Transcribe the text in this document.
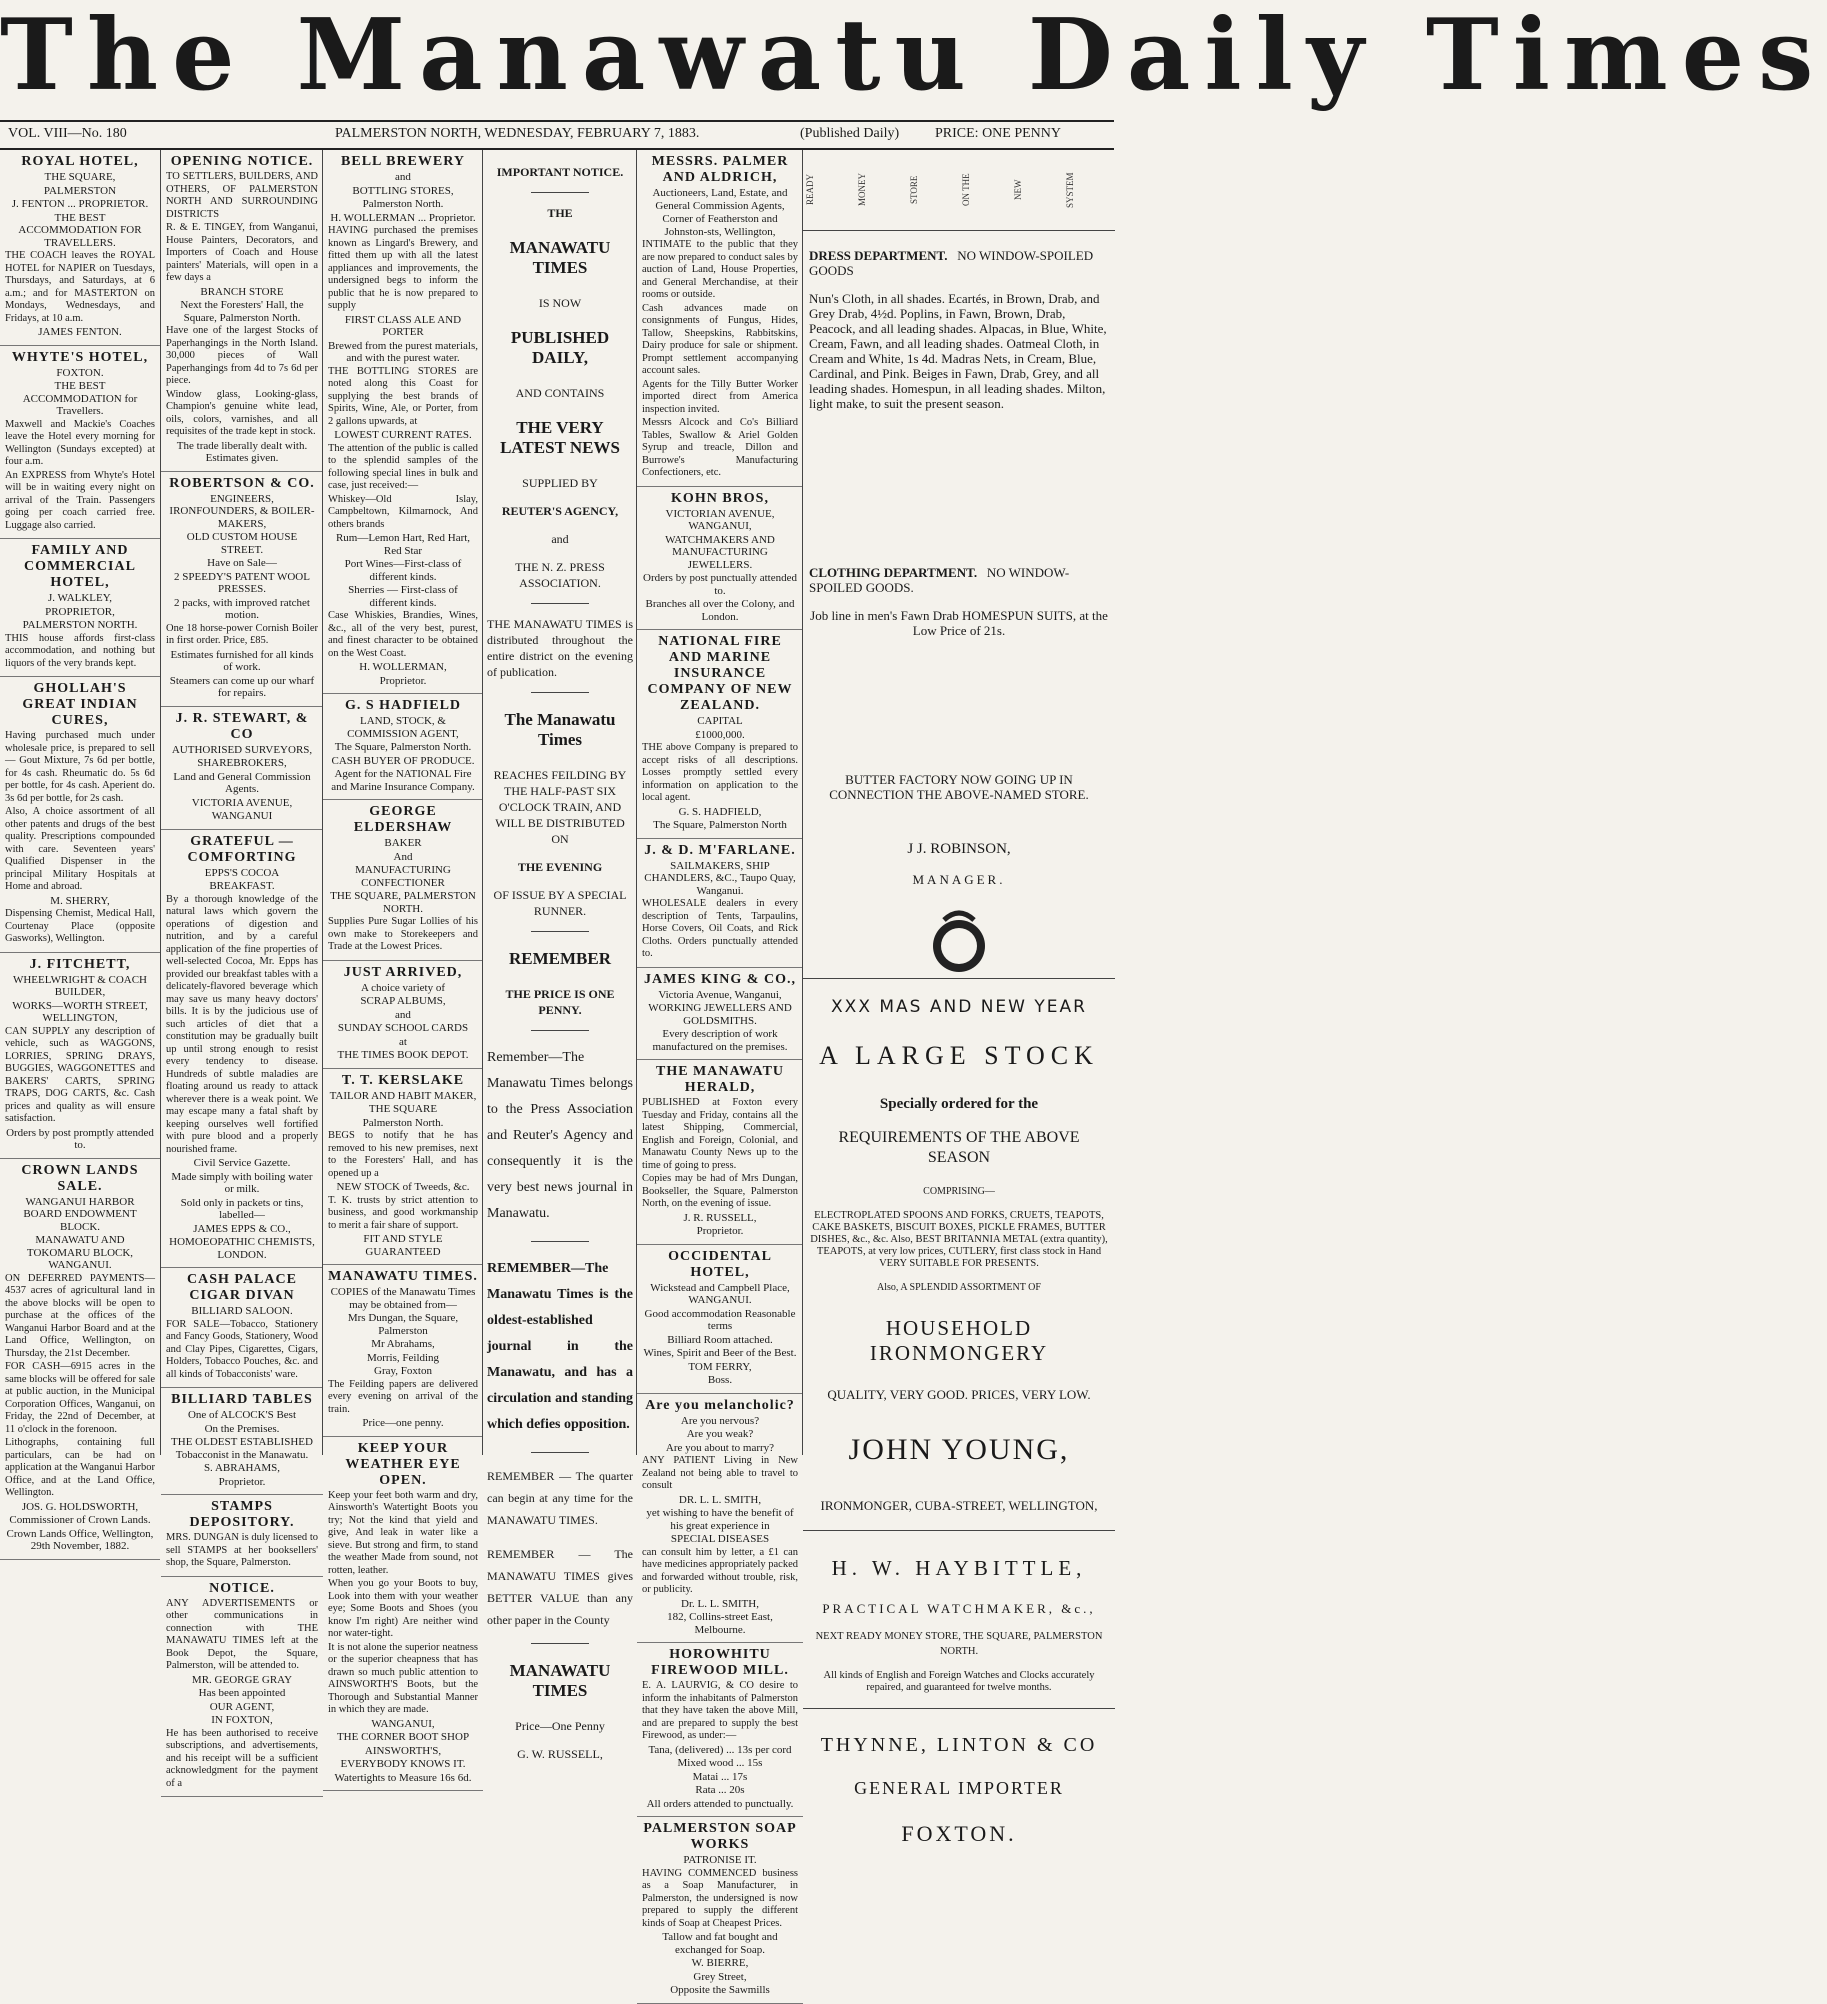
The Manawatu Daily Times
VOL. VIII—No. 180	PALMERSTON NORTH, WEDNESDAY, FEBRUARY 7, 1883.	(Published Daily)	PRICE: ONE PENNY

ROYAL HOTEL,

THE SQUARE,

PALMERSTON

J. FENTON ... PROPRIETOR.

THE BEST ACCOMMODATION FOR TRAVELLERS.

THE COACH leaves the ROYAL HOTEL for NAPIER on Tuesdays, Thursdays, and Saturdays, at 6 a.m.; and for MASTERTON on Mondays, Wednesdays, and Fridays, at 10 a.m.

JAMES FENTON.

WHYTE'S HOTEL,

FOXTON.

THE BEST ACCOMMODATION for Travellers.

Maxwell and Mackie's Coaches leave the Hotel every morning for Wellington (Sundays excepted) at four a.m.

An EXPRESS from Whyte's Hotel will be in waiting every night on arrival of the Train. Passengers going per coach carried free. Luggage also carried.

FAMILY AND COMMERCIAL HOTEL,

J. WALKLEY,

PROPRIETOR,

PALMERSTON NORTH.

THIS house affords first-class accommodation, and nothing but liquors of the very brands kept.

GHOLLAH'S GREAT INDIAN CURES,

Having purchased much under wholesale price, is prepared to sell— Gout Mixture, 7s 6d per bottle, for 4s cash. Rheumatic do. 5s 6d per bottle, for 4s cash. Aperient do. 3s 6d per bottle, for 2s cash.

Also, A choice assortment of all other patents and drugs of the best quality. Prescriptions compounded with care. Seventeen years' Qualified Dispenser in the principal Military Hospitals at Home and abroad.

M. SHERRY,

Dispensing Chemist, Medical Hall, Courtenay Place (opposite Gasworks), Wellington.

J. FITCHETT,

WHEELWRIGHT & COACH BUILDER,

WORKS—WORTH STREET, WELLINGTON,

CAN SUPPLY any description of vehicle, such as WAGGONS, LORRIES, SPRING DRAYS, BUGGIES, WAGGONETTES and BAKERS' CARTS, SPRING TRAPS, DOG CARTS, &c. Cash prices and quality as will ensure satisfaction.

Orders by post promptly attended to.

CROWN LANDS SALE.

WANGANUI HARBOR BOARD ENDOWMENT BLOCK.

MANAWATU AND TOKOMARU BLOCK, WANGANUI.

ON DEFERRED PAYMENTS—4537 acres of agricultural land in the above blocks will be open to purchase at the offices of the Wanganui Harbor Board and at the Land Office, Wellington, on Thursday, the 21st December.

FOR CASH—6915 acres in the same blocks will be offered for sale at public auction, in the Municipal Corporation Offices, Wanganui, on Friday, the 22nd of December, at 11 o'clock in the forenoon.

Lithographs, containing full particulars, can be had on application at the Wanganui Harbor Office, and at the Land Office, Wellington.

JOS. G. HOLDSWORTH,

Commissioner of Crown Lands.

Crown Lands Office, Wellington, 29th November, 1882.

OPENING NOTICE.

TO SETTLERS, BUILDERS, AND OTHERS, OF PALMERSTON NORTH AND SURROUNDING DISTRICTS

R. & E. TINGEY, from Wanganui, House Painters, Decorators, and Importers of Coach and House painters' Materials, will open in a few days a

BRANCH STORE

Next the Foresters' Hall, the Square, Palmerston North.

Have one of the largest Stocks of Paperhangings in the North Island. 30,000 pieces of Wall Paperhangings from 4d to 7s 6d per piece.

Window glass, Looking-glass, Champion's genuine white lead, oils, colors, varnishes, and all requisites of the trade kept in stock.

The trade liberally dealt with. Estimates given.

ROBERTSON & CO.

ENGINEERS, IRONFOUNDERS, & BOILER-MAKERS,

OLD CUSTOM HOUSE STREET.

Have on Sale—

2 SPEEDY'S PATENT WOOL PRESSES.

2 packs, with improved ratchet motion.

One 18 horse-power Cornish Boiler in first order. Price, £85.

Estimates furnished for all kinds of work.

Steamers can come up our wharf for repairs.

J. R. STEWART, & CO

AUTHORISED SURVEYORS,

SHAREBROKERS,

Land and General Commission Agents.

VICTORIA AVENUE,

WANGANUI

GRATEFUL — COMFORTING

EPPS'S COCOA

BREAKFAST.

By a thorough knowledge of the natural laws which govern the operations of digestion and nutrition, and by a careful application of the fine properties of well-selected Cocoa, Mr. Epps has provided our breakfast tables with a delicately-flavored beverage which may save us many heavy doctors' bills. It is by the judicious use of such articles of diet that a constitution may be gradually built up until strong enough to resist every tendency to disease. Hundreds of subtle maladies are floating around us ready to attack wherever there is a weak point. We may escape many a fatal shaft by keeping ourselves well fortified with pure blood and a properly nourished frame.

Civil Service Gazette.

Made simply with boiling water or milk.

Sold only in packets or tins, labelled—

JAMES EPPS & CO.,

HOMOEOPATHIC CHEMISTS, LONDON.

CASH PALACE CIGAR DIVAN

BILLIARD SALOON.

FOR SALE—Tobacco, Stationery and Fancy Goods, Stationery, Wood and Clay Pipes, Cigarettes, Cigars, Holders, Tobacco Pouches, &c. and all kinds of Tobacconists' ware.

BILLIARD TABLES

One of ALCOCK'S Best

On the Premises.

THE OLDEST ESTABLISHED Tobacconist in the Manawatu.

S. ABRAHAMS,

Proprietor.

STAMPS DEPOSITORY.

MRS. DUNGAN is duly licensed to sell STAMPS at her booksellers' shop, the Square, Palmerston.

NOTICE.

ANY ADVERTISEMENTS or other communications in connection with THE MANAWATU TIMES left at the Book Depot, the Square, Palmerston, will be attended to.

MR. GEORGE GRAY

Has been appointed

OUR AGENT,

IN FOXTON,

He has been authorised to receive subscriptions, and advertisements, and his receipt will be a sufficient acknowledgment for the payment of a

BELL BREWERY

and

BOTTLING STORES,

Palmerston North.

H. WOLLERMAN ... Proprietor.

HAVING purchased the premises known as Lingard's Brewery, and fitted them up with all the latest appliances and improvements, the undersigned begs to inform the public that he is now prepared to supply

FIRST CLASS ALE AND PORTER

Brewed from the purest materials, and with the purest water.

THE BOTTLING STORES are noted along this Coast for supplying the best brands of Spirits, Wine, Ale, or Porter, from 2 gallons upwards, at

LOWEST CURRENT RATES.

The attention of the public is called to the splendid samples of the following special lines in bulk and case, just received:—

Whiskey—Old Islay, Campbeltown, Kilmarnock, And others brands

Rum—Lemon Hart, Red Hart, Red Star

Port Wines—First-class of different kinds.

Sherries — First-class of different kinds.

Case Whiskies, Brandies, Wines, &c., all of the very best, purest, and finest character to be obtained on the West Coast.

H. WOLLERMAN,

Proprietor.

G. S HADFIELD

LAND, STOCK, & COMMISSION AGENT,

The Square, Palmerston North.

CASH BUYER OF PRODUCE.

Agent for the NATIONAL Fire and Marine Insurance Company.

GEORGE ELDERSHAW

BAKER

And

MANUFACTURING CONFECTIONER

THE SQUARE, PALMERSTON NORTH.

Supplies Pure Sugar Lollies of his own make to Storekeepers and Trade at the Lowest Prices.

JUST ARRIVED,

A choice variety of

SCRAP ALBUMS,

and

SUNDAY SCHOOL CARDS

at

THE TIMES BOOK DEPOT.

T. T. KERSLAKE

TAILOR AND HABIT MAKER,

THE SQUARE

Palmerston North.

BEGS to notify that he has removed to his new premises, next to the Foresters' Hall, and has opened up a

NEW STOCK of Tweeds, &c.

T. K. trusts by strict attention to business, and good workmanship to merit a fair share of support.

FIT AND STYLE GUARANTEED

MANAWATU TIMES.

COPIES of the Manawatu Times may be obtained from—

Mrs Dungan, the Square, Palmerston

Mr Abrahams,

Morris, Feilding

Gray, Foxton

The Feilding papers are delivered every evening on arrival of the train.

Price—one penny.

KEEP YOUR WEATHER EYE OPEN.

Keep your feet both warm and dry, Ainsworth's Watertight Boots you try; Not the kind that yield and give, And leak in water like a sieve. But strong and firm, to stand the weather Made from sound, not rotten, leather.

When you go your Boots to buy, Look into them with your weather eye; Some Boots and Shoes (you know I'm right) Are neither wind nor water-tight.

It is not alone the superior neatness or the superior cheapness that has drawn so much public attention to AINSWORTH'S Boots, but the Thorough and Substantial Manner in which they are made.

WANGANUI,

THE CORNER BOOT SHOP

AINSWORTH'S,

EVERYBODY KNOWS IT.

Watertights to Measure 16s 6d.

IMPORTANT NOTICE.

THE

MANAWATU TIMES

IS NOW

PUBLISHED DAILY,

AND CONTAINS

THE VERY LATEST NEWS

SUPPLIED BY

REUTER'S AGENCY,

and

THE N. Z. PRESS ASSOCIATION.

THE MANAWATU TIMES is distributed throughout the entire district on the evening of publication.

The Manawatu Times

REACHES FEILDING BY THE HALF-PAST SIX O'CLOCK TRAIN, AND WILL BE DISTRIBUTED ON

THE EVENING

OF ISSUE BY A SPECIAL RUNNER.

REMEMBER

THE PRICE IS ONE PENNY.

Remember—The Manawatu Times belongs to the Press Association and Reuter's Agency and consequently it is the very best news journal in Manawatu.

REMEMBER—The Manawatu Times is the oldest-established journal in the Manawatu, and has a circulation and standing which defies opposition.

REMEMBER — The quarter can begin at any time for the MANAWATU TIMES.

REMEMBER — The MANAWATU TIMES gives BETTER VALUE than any other paper in the County

MANAWATU TIMES

Price—One Penny

G. W. RUSSELL,

MESSRS. PALMER AND ALDRICH,

Auctioneers, Land, Estate, and General Commission Agents,

Corner of Featherston and Johnston-sts, Wellington,

INTIMATE to the public that they are now prepared to conduct sales by auction of Land, House Properties, and General Merchandise, at their rooms or outside.

Cash advances made on consignments of Fungus, Hides, Tallow, Sheepskins, Rabbitskins, Dairy produce for sale or shipment. Prompt settlement accompanying account sales.

Agents for the Tilly Butter Worker imported direct from America inspection invited.

Messrs Alcock and Co's Billiard Tables, Swallow & Ariel Golden Syrup and treacle, Dillon and Burrowe's Manufacturing Confectioners, etc.

KOHN BROS,

VICTORIAN AVENUE, WANGANUI,

WATCHMAKERS AND MANUFACTURING JEWELLERS.

Orders by post punctually attended to.

Branches all over the Colony, and London.

NATIONAL FIRE AND MARINE INSURANCE COMPANY OF NEW ZEALAND.

CAPITAL

£1000,000.

THE above Company is prepared to accept risks of all descriptions. Losses promptly settled every information on application to the local agent.

G. S. HADFIELD,

The Square, Palmerston North

J. & D. M'FARLANE.

SAILMAKERS, SHIP CHANDLERS, &C., Taupo Quay, Wanganui.

WHOLESALE dealers in every description of Tents, Tarpaulins, Horse Covers, Oil Coats, and Rick Cloths. Orders punctually attended to.

JAMES KING & CO.,

Victoria Avenue, Wanganui,

WORKING JEWELLERS AND GOLDSMITHS.

Every description of work manufactured on the premises.

THE MANAWATU HERALD,

PUBLISHED at Foxton every Tuesday and Friday, contains all the latest Shipping, Commercial, English and Foreign, Colonial, and Manawatu County News up to the time of going to press.

Copies may be had of Mrs Dungan, Bookseller, the Square, Palmerston North, on the evening of issue.

J. R. RUSSELL,

Proprietor.

OCCIDENTAL HOTEL,

Wickstead and Campbell Place, WANGANUI.

Good accommodation Reasonable terms

Billiard Room attached.

Wines, Spirit and Beer of the Best.

TOM FERRY,

Boss.

Are you melancholic?

Are you nervous?

Are you weak?

Are you about to marry?

ANY PATIENT Living in New Zealand not being able to travel to consult

DR. L. L. SMITH,

yet wishing to have the benefit of his great experience in

SPECIAL DISEASES

can consult him by letter, a £1 can have medicines appropriately packed and forwarded without trouble, risk, or publicity.

Dr. L. L. SMITH,

182, Collins-street East, Melbourne.

HOROWHITU FIREWOOD MILL.

E. A. LAURVIG, & CO desire to inform the inhabitants of Palmerston that they have taken the above Mill, and are prepared to supply the best Firewood, as under:—

Tana, (delivered) ... 13s per cord

Mixed wood ... 15s

Matai ... 17s

Rata ... 20s

All orders attended to punctually.

PALMERSTON SOAP WORKS

PATRONISE IT.

HAVING COMMENCED business as a Soap Manufacturer, in Palmerston, the undersigned is now prepared to supply the different kinds of Soap at Cheapest Prices.

Tallow and fat bought and exchanged for Soap.

W. BIERRE,

Grey Street,

Opposite the Sawmills

READY	MONEY	STORE	ON THE	NEW	SYSTEM

DRESS DEPARTMENT. NO WINDOW-SPOILED GOODS

Nun's Cloth, in all shades. Ecartés, in Brown, Drab, and Grey Drab, 4½d. Poplins, in Fawn, Brown, Drab, Peacock, and all leading shades. Alpacas, in Blue, White, Cream, Fawn, and all leading shades. Oatmeal Cloth, in Cream and White, 1s 4d. Madras Nets, in Cream, Blue, Cardinal, and Pink. Beiges in Fawn, Drab, Grey, and all leading shades. Homespun, in all leading shades. Milton, light make, to suit the present season.

CLOTHING DEPARTMENT. NO WINDOW-SPOILED GOODS.

Job line in men's Fawn Drab HOMESPUN SUITS, at the Low Price of 21s.

BUTTER FACTORY NOW GOING UP IN CONNECTION THE ABOVE-NAMED STORE.

J J. ROBINSON,

MANAGER.

XXX MAS AND NEW YEAR

A LARGE STOCK

Specially ordered for the

REQUIREMENTS OF THE ABOVE SEASON

COMPRISING—

ELECTROPLATED SPOONS AND FORKS, CRUETS, TEAPOTS, CAKE BASKETS, BISCUIT BOXES, PICKLE FRAMES, BUTTER DISHES, &c., &c. Also, BEST BRITANNIA METAL (extra quantity), TEAPOTS, at very low prices, CUTLERY, first class stock in Hand VERY SUITABLE FOR PRESENTS.

Also, A SPLENDID ASSORTMENT OF

HOUSEHOLD IRONMONGERY

QUALITY, VERY GOOD. PRICES, VERY LOW.

JOHN YOUNG,

IRONMONGER, CUBA-STREET, WELLINGTON,

H. W. HAYBITTLE,

PRACTICAL WATCHMAKER, &c.,

NEXT READY MONEY STORE, THE SQUARE, PALMERSTON NORTH.

All kinds of English and Foreign Watches and Clocks accurately repaired, and guaranteed for twelve months.

THYNNE, LINTON & CO

GENERAL IMPORTER

FOXTON.
